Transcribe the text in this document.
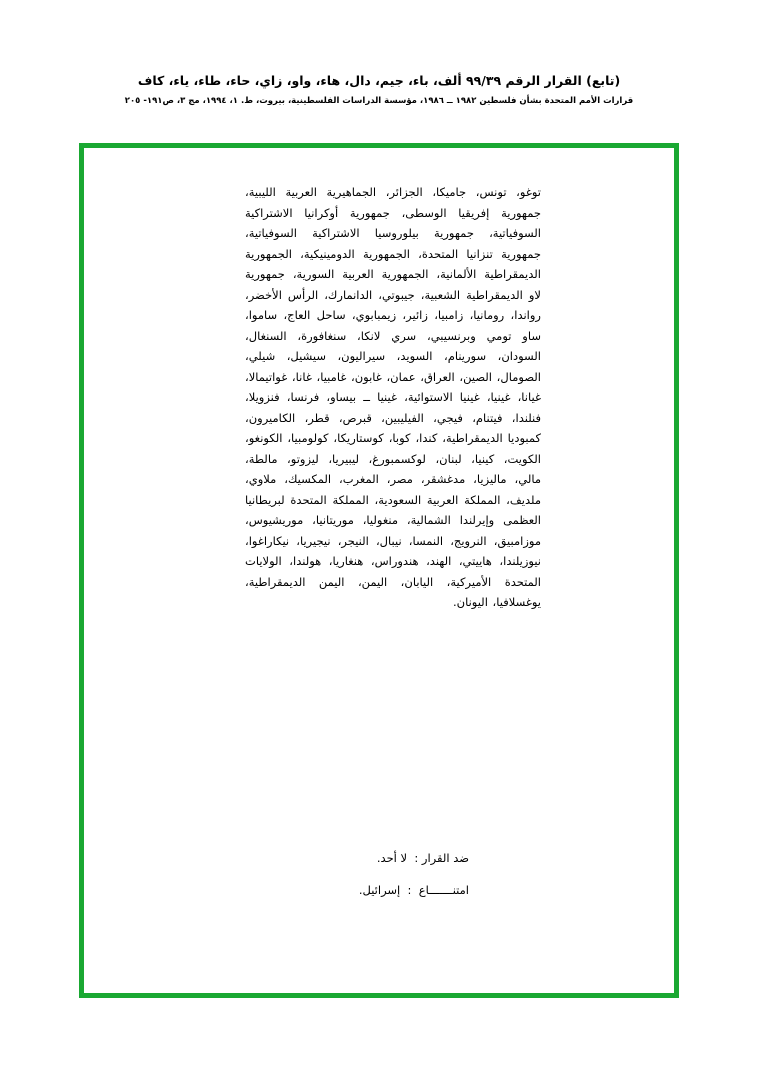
(تابع) القرار الرقم ٩٩/٣٩ ألف، باء، جيم، دال، هاء، واو، زاي، حاء، طاء، ياء، كاف
قرارات الأمم المتحدة بشأن فلسطين ١٩٨٢ ــ ١٩٨٦، مؤسسة الدراسات الفلسطينية، بيروت، ط. ١، ١٩٩٤، مج ٣، ص١٩١- ٢٠٥
توغو، تونس، جاميكا، الجزائر، الجماهيرية العربية الليبية، جمهورية إفريقيا الوسطى، جمهورية أوكرانيا الاشتراكية السوفياتية، جمهورية بيلوروسيا الاشتراكية السوفياتية، جمهورية تنزانيا المتحدة، الجمهورية الدومينيكية، الجمهورية الديمقراطية الألمانية، الجمهورية العربية السورية، جمهورية لاو الديمقراطية الشعبية، جيبوتي، الدانمارك، الرأس الأخضر، رواندا، رومانيا، زامبيا، زائير، زيمبابوي، ساحل العاج، ساموا، ساو تومي وبرنسيبي، سري لانكا، سنغافورة، السنغال، السودان، سورينام، السويد، سيراليون، سيشيل، شيلي، الصومال، الصين، العراق، عمان، غابون، غامبيا، غانا، غواتيمالا، غيانا، غينيا، غينيا الاستوائية، غينيا ــ بيساو، فرنسا، فنزويلا، فنلندا، فيتنام، فيجي، الفيليبين، قبرص، قطر، الكاميرون، كمبوديا الديمقراطية، كندا، كوبا، كوستاريكا، كولومبيا، الكونغو، الكويت، كينيا، لبنان، لوكسمبورغ، ليبيريا، ليزوتو، مالطة، مالي، ماليزيا، مدغشقر، مصر، المغرب، المكسيك، ملاوي، ملديف، المملكة العربية السعودية، المملكة المتحدة لبريطانيا العظمى وإيرلندا الشمالية، منغوليا، موريتانيا، موريشيوس، موزامبيق، النرويج، النمسا، نيبال، النيجر، نيجيريا، نيكاراغوا، نيوزيلندا، هاييتي، الهند، هندوراس، هنغاريا، هولندا، الولايات المتحدة الأميركية، اليابان، اليمن، اليمن الديمقراطية، يوغسلافيا، اليونان.
ضد القرار :  لا أحد.
امتنـــــــاع  :  إسرائيل.
